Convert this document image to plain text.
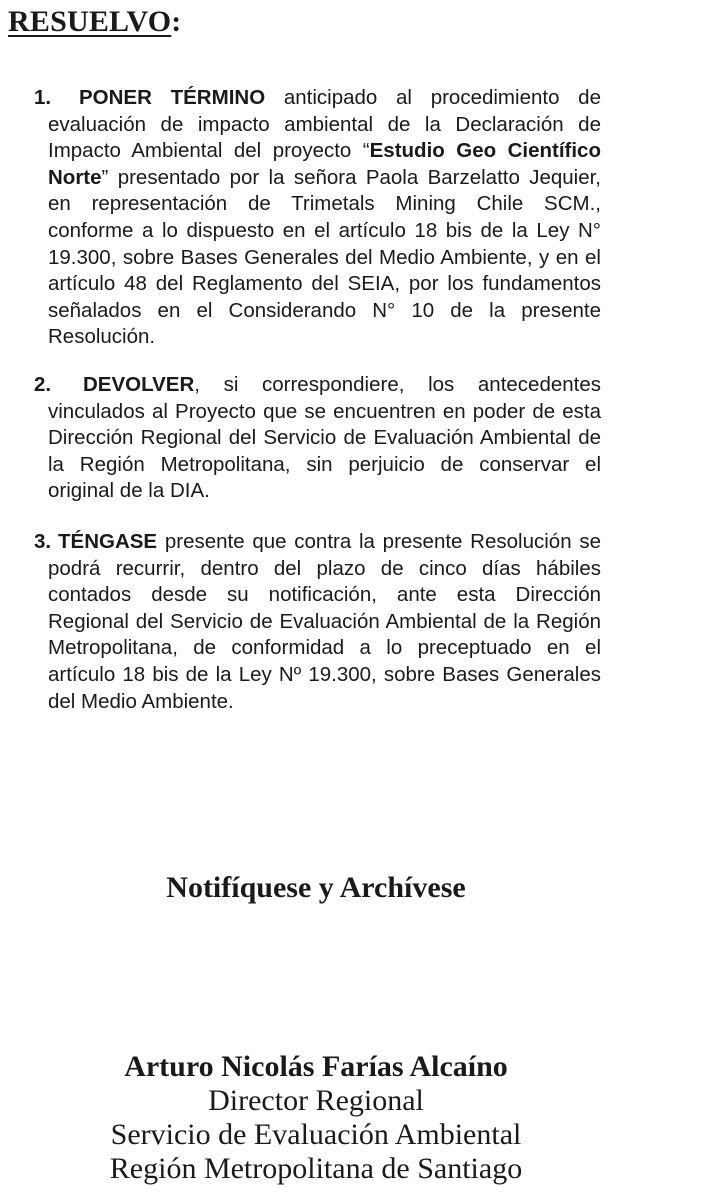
RESUELVO:
1. PONER TÉRMINO anticipado al procedimiento de evaluación de impacto ambiental de la Declaración de Impacto Ambiental del proyecto “Estudio Geo Científico Norte” presentado por la señora Paola Barzelatto Jequier, en representación de Trimetals Mining Chile SCM., conforme a lo dispuesto en el artículo 18 bis de la Ley N° 19.300, sobre Bases Generales del Medio Ambiente, y en el artículo 48 del Reglamento del SEIA, por los fundamentos señalados en el Considerando N° 10 de la presente Resolución.
2. DEVOLVER, si correspondiere, los antecedentes vinculados al Proyecto que se encuentren en poder de esta Dirección Regional del Servicio de Evaluación Ambiental de la Región Metropolitana, sin perjuicio de conservar el original de la DIA.
3. TÉNGASE presente que contra la presente Resolución se podrá recurrir, dentro del plazo de cinco días hábiles contados desde su notificación, ante esta Dirección Regional del Servicio de Evaluación Ambiental de la Región Metropolitana, de conformidad a lo preceptuado en el artículo 18 bis de la Ley Nº 19.300, sobre Bases Generales del Medio Ambiente.
Notifíquese y Archívese
Arturo Nicolás Farías Alcaíno
Director Regional
Servicio de Evaluación Ambiental
Región Metropolitana de Santiago
